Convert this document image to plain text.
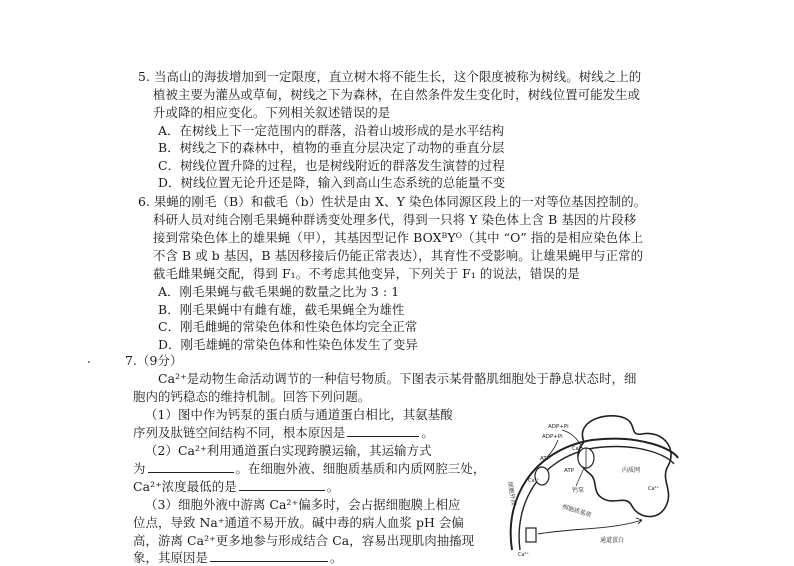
5. 当高山的海拔增加到一定限度，直立树木将不能生长，这个限度被称为树线。树线之上的
植被主要为灌丛或草甸，树线之下为森林，在自然条件发生变化时，树线位置可能发生或
升或降的相应变化。下列相关叙述错误的是
A．在树线上下一定范围内的群落，沿着山坡形成的是水平结构
B．树线之下的森林中，植物的垂直分层决定了动物的垂直分层
C．树线位置升降的过程，也是树线附近的群落发生演替的过程
D．树线位置无论升还是降，输入到高山生态系统的总能量不变
6. 果蝇的刚毛（B）和截毛（b）性状是由 X、Y 染色体同源区段上的一对等位基因控制的。
科研人员对纯合刚毛果蝇种群诱变处理多代，得到一只将 Y 染色体上含 B 基因的片段移
接到常染色体上的雄果蝇（甲），其基因型记作 BOXᴮYᴼ（其中 “O” 指的是相应染色体上
不含 B 或 b 基因，B 基因移接后仍能正常表达），其育性不受影响。让雄果蝇甲与正常的
截毛雌果蝇交配，得到 F₁。不考虑其他变异，下列关于 F₁ 的说法，错误的是
A．刚毛果蝇与截毛果蝇的数量之比为 3 : 1
B．刚毛果蝇中有雌有雄，截毛果蝇全为雄性
C．刚毛雌蝇的常染色体和性染色体均完全正常
D．刚毛雄蝇的常染色体和性染色体发生了变异
7.（9分）
Ca²⁺是动物生命活动调节的一种信号物质。下图表示某骨骼肌细胞处于静息状态时，细
胞内的钙稳态的维持机制。回答下列问题。
（1）图中作为钙泵的蛋白质与通道蛋白相比，其氨基酸
序列及肽链空间结构不同，根本原因是	。
（2）Ca²⁺利用通道蛋白实现跨膜运输，其运输方式
为	。在细胞外液、细胞质基质和内质网腔三处，
Ca²⁺浓度最低的是	。
（3）细胞外液中游离 Ca²⁺偏多时，会占据细胞膜上相应
位点，导致 Na⁺通道不易开放。碱中毒的病人血浆 pH 会偏
高，游离 Ca²⁺更多地参与形成结合 Ca，容易出现肌肉抽搐现
象，其原因是	。
Ca²⁺
ADP+Pi
ADP+Pi
ATP
ATP
Ca²⁺
内质网
Ca²⁺
钙泵
细胞质基质
细胞外液
Ca²⁺
通道蛋白
